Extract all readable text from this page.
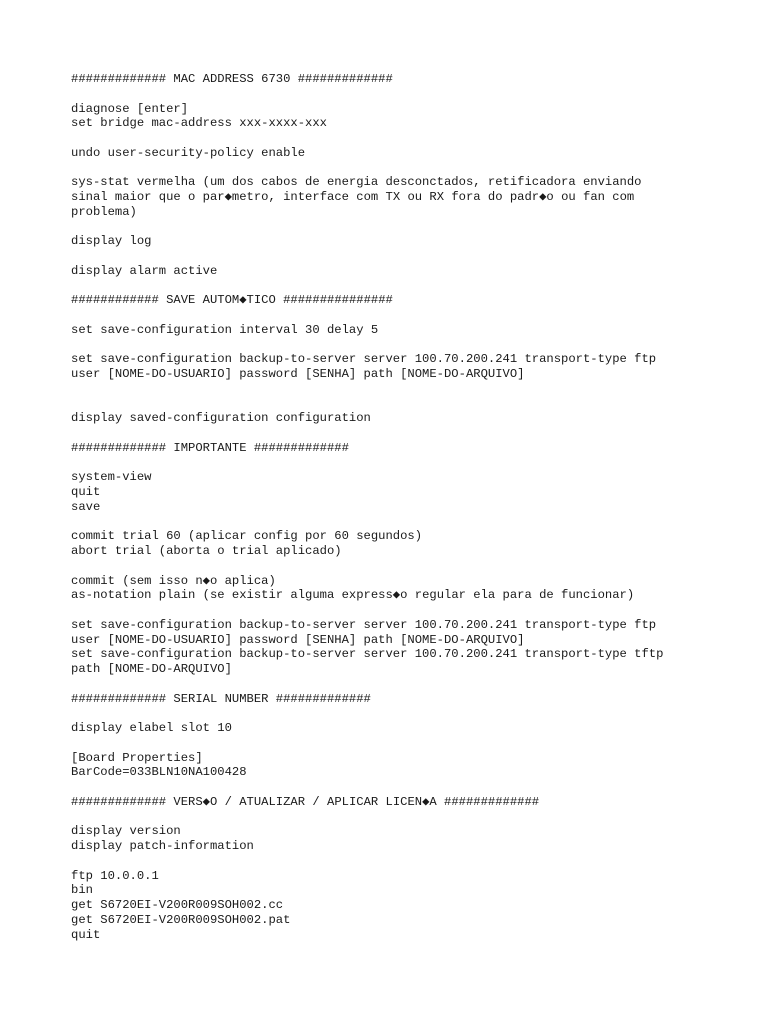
############# MAC ADDRESS 6730 #############
diagnose [enter]
set bridge mac-address xxx-xxxx-xxx
undo user-security-policy enable
sys-stat vermelha (um dos cabos de energia desconctados, retificadora enviando
sinal maior que o par◆metro, interface com TX ou RX fora do padr◆o ou fan com
problema)
display log
display alarm active
############ SAVE AUTOM◆TICO ###############
set save-configuration interval 30 delay 5
set save-configuration backup-to-server server 100.70.200.241 transport-type ftp
user [NOME-DO-USUARIO] password [SENHA] path [NOME-DO-ARQUIVO]
display saved-configuration configuration
############# IMPORTANTE #############
system-view
quit
save
commit trial 60 (aplicar config por 60 segundos)
abort trial (aborta o trial aplicado)
commit (sem isso n◆o aplica)
as-notation plain (se existir alguma express◆o regular ela para de funcionar)
set save-configuration backup-to-server server 100.70.200.241 transport-type ftp
user [NOME-DO-USUARIO] password [SENHA] path [NOME-DO-ARQUIVO]
set save-configuration backup-to-server server 100.70.200.241 transport-type tftp
path [NOME-DO-ARQUIVO]
############# SERIAL NUMBER #############
display elabel slot 10
[Board Properties]
BarCode=033BLN10NA100428
############# VERS◆O / ATUALIZAR / APLICAR LICEN◆A #############
display version
display patch-information
ftp 10.0.0.1
bin
get S6720EI-V200R009SOH002.cc
get S6720EI-V200R009SOH002.pat
quit
